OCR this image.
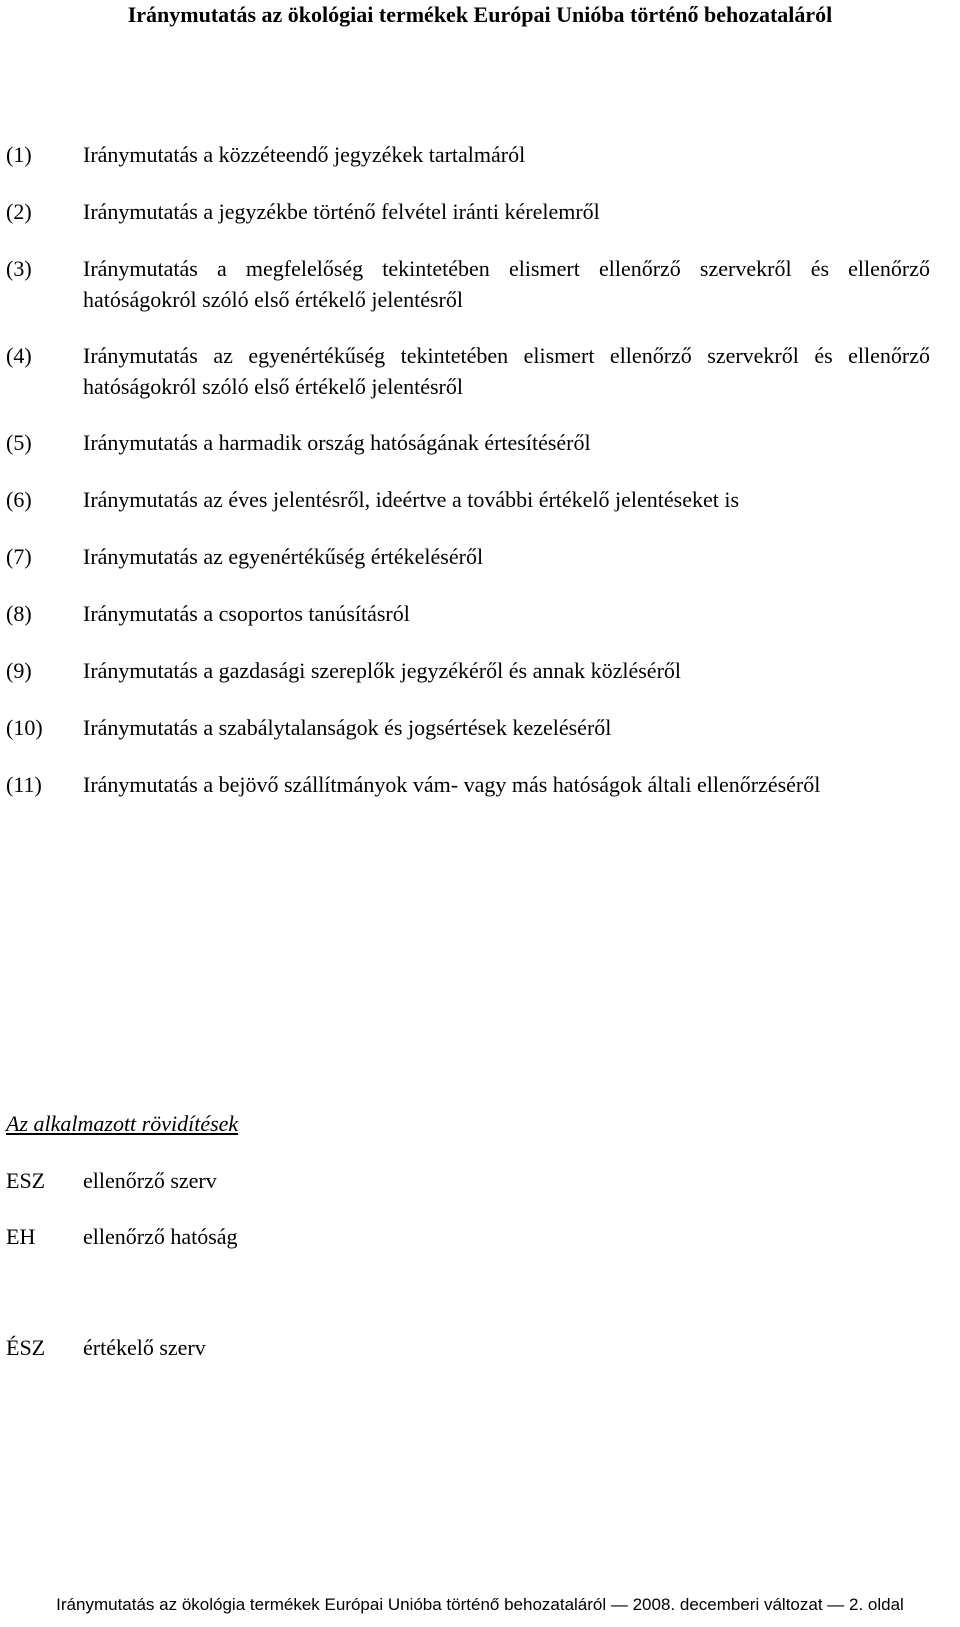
Iránymutatás az ökológiai termékek Európai Unióba történő behozataláról
(1)	Iránymutatás a közzéteendő jegyzékek tartalmáról
(2)	Iránymutatás a jegyzékbe történő felvétel iránti kérelemről
(3)	Iránymutatás a megfelelőség tekintetében elismert ellenőrző szervekről és ellenőrző hatóságokról szóló első értékelő jelentésről
(4)	Iránymutatás az egyenértékűség tekintetében elismert ellenőrző szervekről és ellenőrző hatóságokról szóló első értékelő jelentésről
(5)	Iránymutatás a harmadik ország hatóságának értesítéséről
(6)	Iránymutatás az éves jelentésről, ideértve a további értékelő jelentéseket is
(7)	Iránymutatás az egyenértékűség értékeléséről
(8)	Iránymutatás a csoportos tanúsításról
(9)	Iránymutatás a gazdasági szereplők jegyzékéről és annak közléséről
(10)	Iránymutatás a szabálytalanságok és jogsértések kezeléséről
(11)	Iránymutatás a bejövő szállítmányok vám- vagy más hatóságok általi ellenőrzéséről
Az alkalmazott rövidítések
ESZ	ellenőrző szerv
EH	ellenőrző hatóság
ÉSZ	értékelő szerv
Iránymutatás az ökológia termékek Európai Unióba történő behozataláról — 2008. decemberi változat — 2. oldal
